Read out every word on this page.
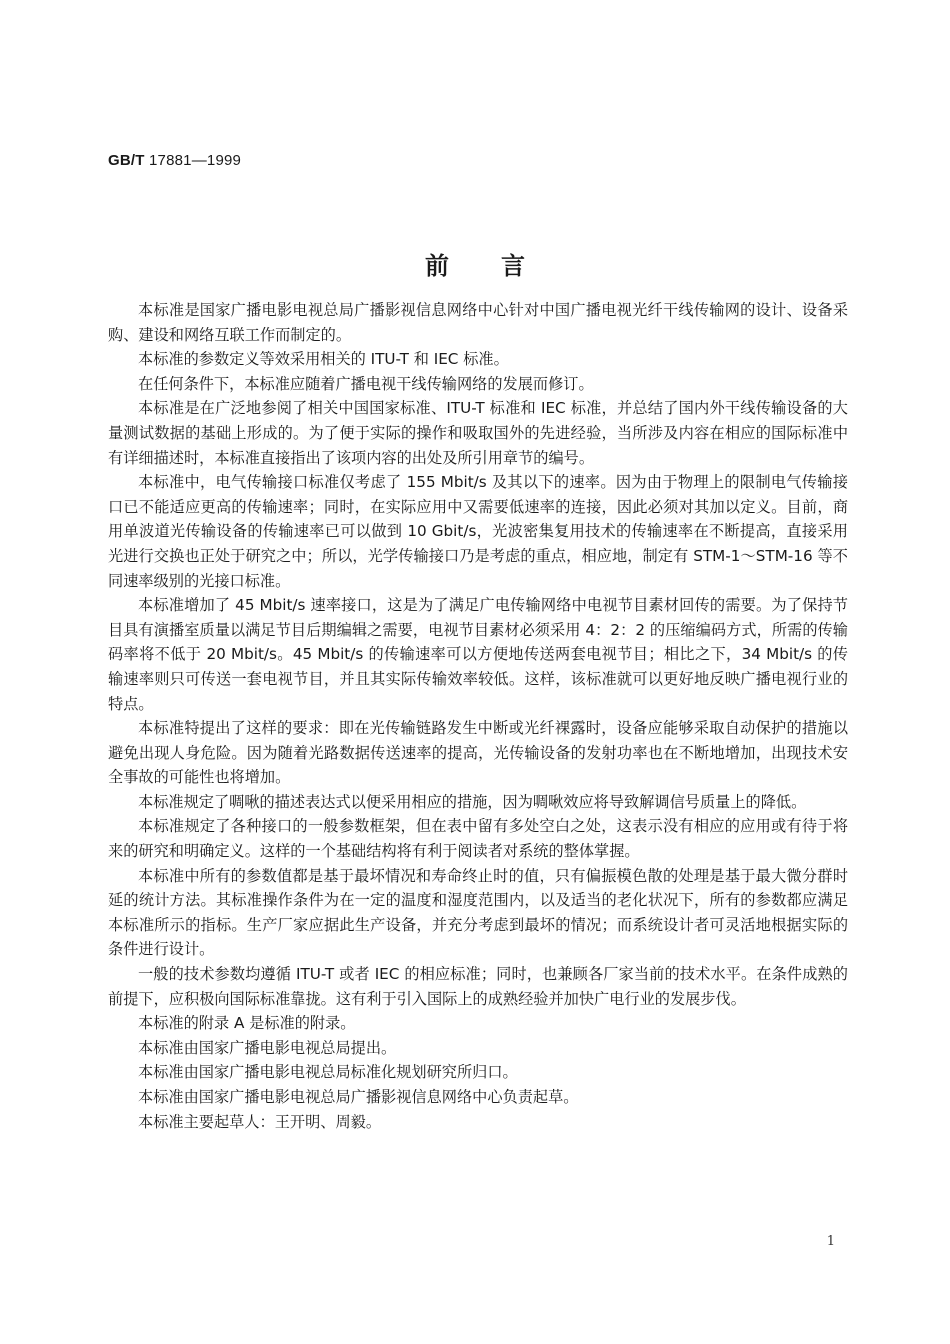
GB/T 17881—1999
前言

本标准是国家广播电影电视总局广播影视信息网络中心针对中国广播电视光纤干线传输网的设计、设备采购、建设和网络互联工作而制定的。

本标准的参数定义等效采用相关的 ITU-T 和 IEC 标准。

在任何条件下，本标准应随着广播电视干线传输网络的发展而修订。

本标准是在广泛地参阅了相关中国国家标准、ITU-T 标准和 IEC 标准，并总结了国内外干线传输设备的大量测试数据的基础上形成的。为了便于实际的操作和吸取国外的先进经验，当所涉及内容在相应的国际标准中有详细描述时，本标准直接指出了该项内容的出处及所引用章节的编号。

本标准中，电气传输接口标准仅考虑了 155 Mbit/s 及其以下的速率。因为由于物理上的限制电气传输接口已不能适应更高的传输速率；同时，在实际应用中又需要低速率的连接，因此必须对其加以定义。目前，商用单波道光传输设备的传输速率已可以做到 10 Gbit/s，光波密集复用技术的传输速率在不断提高，直接采用光进行交换也正处于研究之中；所以，光学传输接口乃是考虑的重点，相应地，制定有 STM-1～STM-16 等不同速率级别的光接口标准。

本标准增加了 45 Mbit/s 速率接口，这是为了满足广电传输网络中电视节目素材回传的需要。为了保持节目具有演播室质量以满足节目后期编辑之需要，电视节目素材必须采用 4：2：2 的压缩编码方式，所需的传输码率将不低于 20 Mbit/s。45 Mbit/s 的传输速率可以方便地传送两套电视节目；相比之下，34 Mbit/s 的传输速率则只可传送一套电视节目，并且其实际传输效率较低。这样，该标准就可以更好地反映广播电视行业的特点。

本标准特提出了这样的要求：即在光传输链路发生中断或光纤裸露时，设备应能够采取自动保护的措施以避免出现人身危险。因为随着光路数据传送速率的提高，光传输设备的发射功率也在不断地增加，出现技术安全事故的可能性也将增加。

本标准规定了啁啾的描述表达式以便采用相应的措施，因为啁啾效应将导致解调信号质量上的降低。

本标准规定了各种接口的一般参数框架，但在表中留有多处空白之处，这表示没有相应的应用或有待于将来的研究和明确定义。这样的一个基础结构将有利于阅读者对系统的整体掌握。

本标准中所有的参数值都是基于最坏情况和寿命终止时的值，只有偏振模色散的处理是基于最大微分群时延的统计方法。其标准操作条件为在一定的温度和湿度范围内，以及适当的老化状况下，所有的参数都应满足本标准所示的指标。生产厂家应据此生产设备，并充分考虑到最坏的情况；而系统设计者可灵活地根据实际的条件进行设计。

一般的技术参数均遵循 ITU-T 或者 IEC 的相应标准；同时，也兼顾各厂家当前的技术水平。在条件成熟的前提下，应积极向国际标准靠拢。这有利于引入国际上的成熟经验并加快广电行业的发展步伐。

本标准的附录 A 是标准的附录。

本标准由国家广播电影电视总局提出。

本标准由国家广播电影电视总局标准化规划研究所归口。

本标准由国家广播电影电视总局广播影视信息网络中心负责起草。

本标准主要起草人：王开明、周毅。

1
